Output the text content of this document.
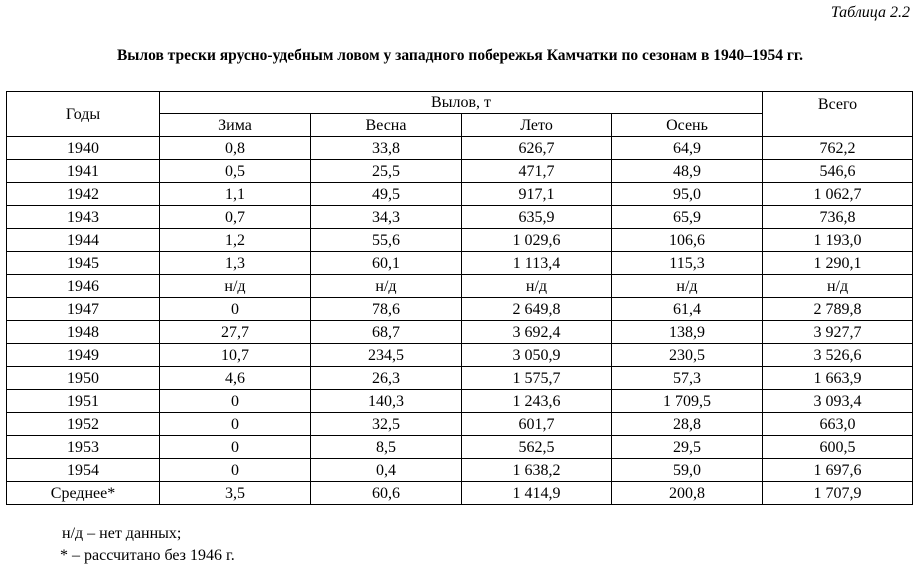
Таблица 2.2
Вылов трески ярусно-удебным ловом у западного побережья Камчатки по сезонам в 1940–1954 гг.
Годы	Вылов, т				Всего
	Зима	Весна	Лето	Осень	
1940	0,8	33,8	626,7	64,9	762,2
1941	0,5	25,5	471,7	48,9	546,6
1942	1,1	49,5	917,1	95,0	1 062,7
1943	0,7	34,3	635,9	65,9	736,8
1944	1,2	55,6	1 029,6	106,6	1 193,0
1945	1,3	60,1	1 113,4	115,3	1 290,1
1946	н/д	н/д	н/д	н/д	н/д
1947	0	78,6	2 649,8	61,4	2 789,8
1948	27,7	68,7	3 692,4	138,9	3 927,7
1949	10,7	234,5	3 050,9	230,5	3 526,6
1950	4,6	26,3	1 575,7	57,3	1 663,9
1951	0	140,3	1 243,6	1 709,5	3 093,4
1952	0	32,5	601,7	28,8	663,0
1953	0	8,5	562,5	29,5	600,5
1954	0	0,4	1 638,2	59,0	1 697,6
Среднее*	3,5	60,6	1 414,9	200,8	1 707,9
н/д – нет данных;
* – рассчитано без 1946 г.
